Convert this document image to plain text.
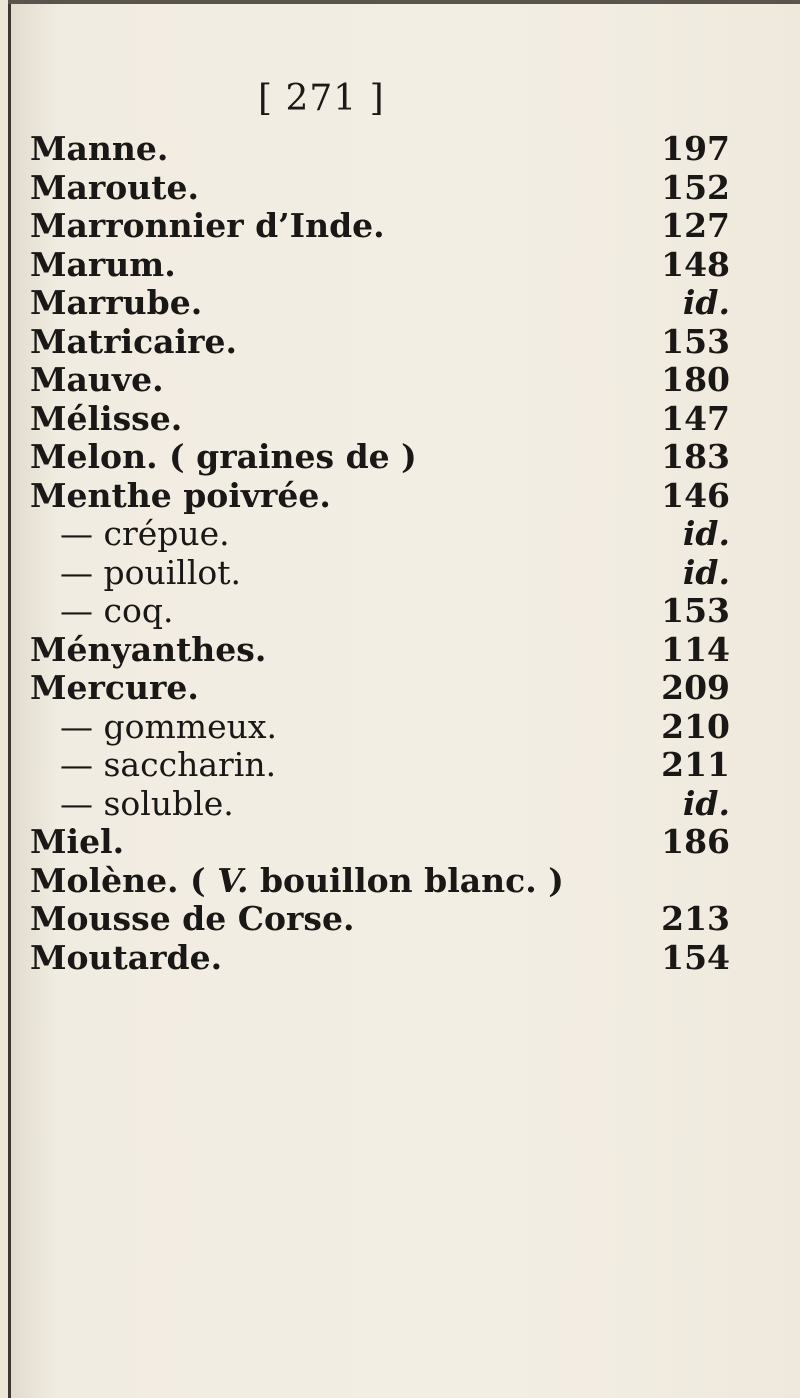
[ 271 ]
Manne.	197
Maroute.	152
Marronnier d’Inde.	127
Marum.	148
Marrube.	id.
Matricaire.	153
Mauve.	180
Mélisse.	147
Melon. ( graines de )	183
Menthe poivrée.	146
— crépue.	id.
— pouillot.	id.
— coq.	153
Ményanthes.	114
Mercure.	209
— gommeux.	210
— saccharin.	211
— soluble.	id.
Miel.	186
Molène. ( V. bouillon blanc. )
Mousse de Corse.	213
Moutarde.	154
